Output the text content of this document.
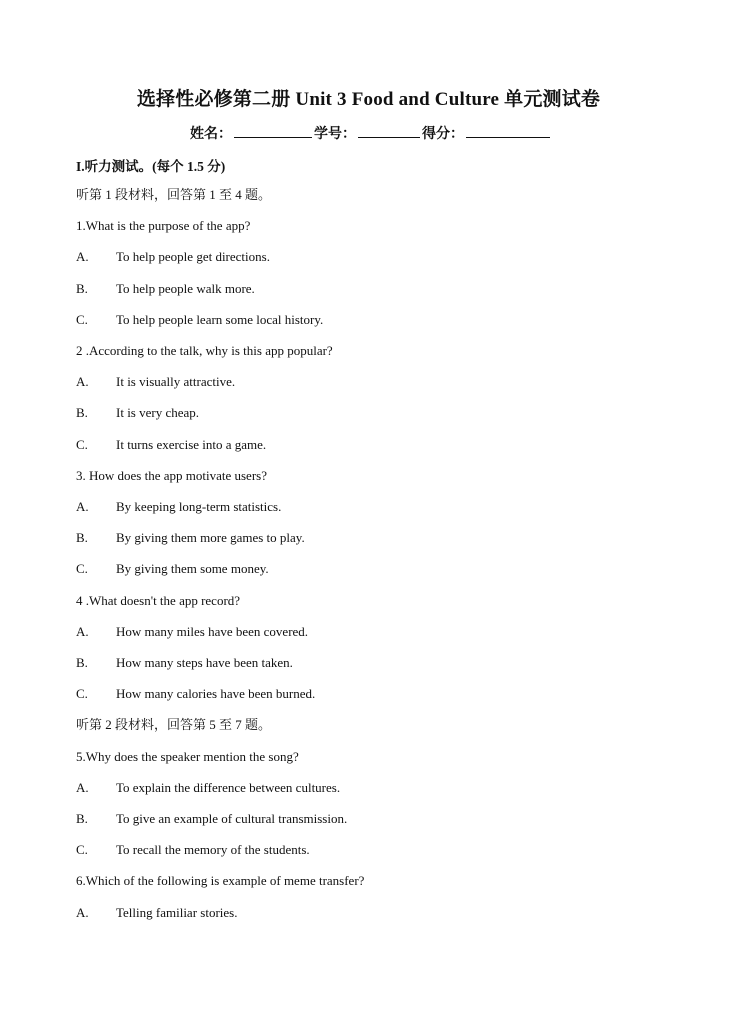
选择性必修第二册 Unit 3 Food and Culture 单元测试卷
姓名：	学号：	得分：
I.听力测试。(每个 1.5 分)
听第 1 段材料，回答第 1 至 4 题。
1.What is the purpose of the app?
A. To help people get directions.
B. To help people walk more.
C. To help people learn some local history.
2 .According to the talk, why is this app popular?
A. It is visually attractive.
B. It is very cheap.
C. It turns exercise into a game.
3. How does the app motivate users?
A. By keeping long-term statistics.
B. By giving them more games to play.
C. By giving them some money.
4 .What doesn't the app record?
A. How many miles have been covered.
B. How many steps have been taken.
C. How many calories have been burned.
听第 2 段材料，回答第 5 至 7 题。
5.Why does the speaker mention the song?
A. To explain the difference between cultures.
B. To give an example of cultural transmission.
C. To recall the memory of the students.
6.Which of the following is example of meme transfer?
A. Telling familiar stories.
